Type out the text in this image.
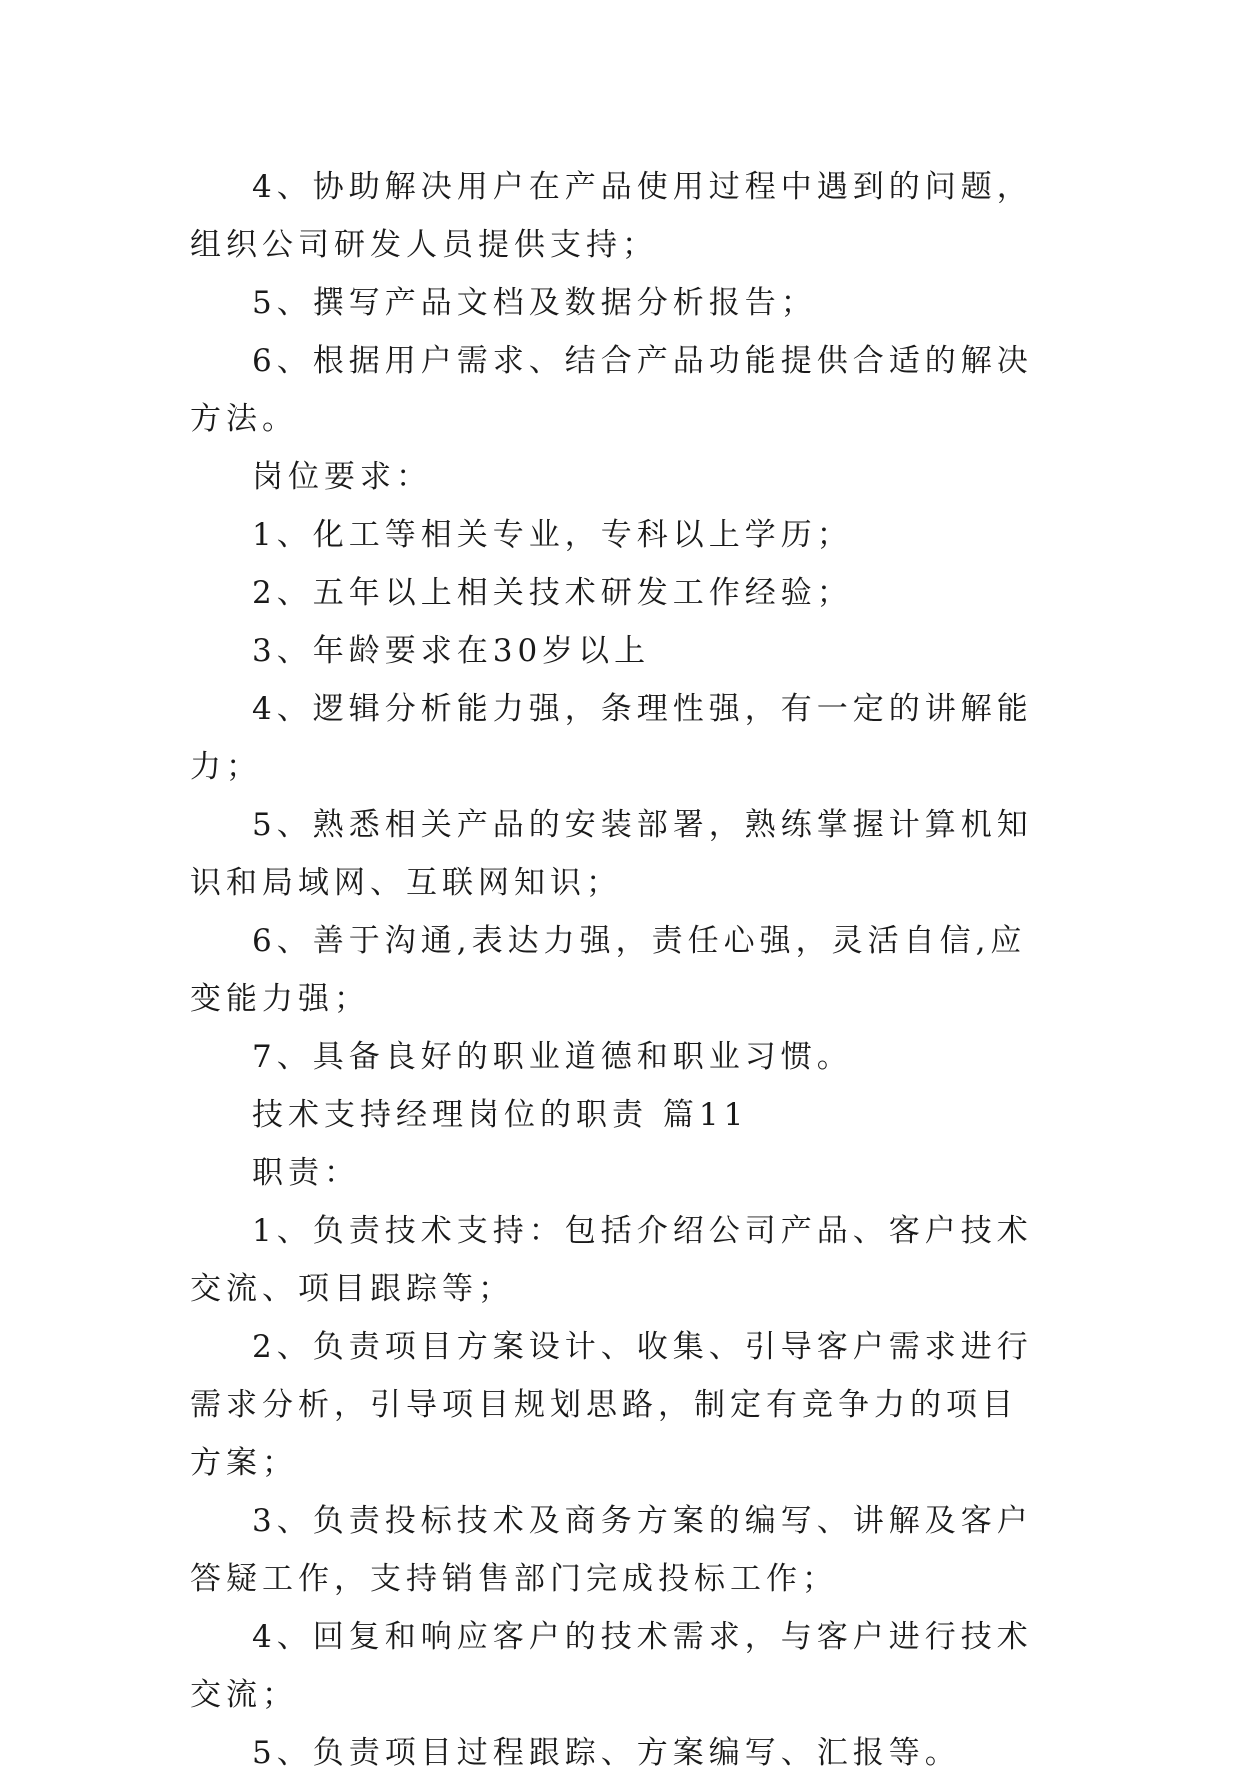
4、协助解决用户在产品使用过程中遇到的问题，组织公司研发人员提供支持；

5、撰写产品文档及数据分析报告；

6、根据用户需求、结合产品功能提供合适的解决方法。

岗位要求：

1、化工等相关专业，专科以上学历；

2、五年以上相关技术研发工作经验；

3、年龄要求在30岁以上

4、逻辑分析能力强，条理性强，有一定的讲解能力；

5、熟悉相关产品的安装部署，熟练掌握计算机知识和局域网、互联网知识；

6、善于沟通,表达力强，责任心强，灵活自信,应变能力强；

7、具备良好的职业道德和职业习惯。

技术支持经理岗位的职责 篇11

职责：

1、负责技术支持：包括介绍公司产品、客户技术交流、项目跟踪等；

2、负责项目方案设计、收集、引导客户需求进行需求分析，引导项目规划思路，制定有竞争力的项目方案；

3、负责投标技术及商务方案的编写、讲解及客户答疑工作，支持销售部门完成投标工作；

4、回复和响应客户的技术需求，与客户进行技术交流；

5、负责项目过程跟踪、方案编写、汇报等。
